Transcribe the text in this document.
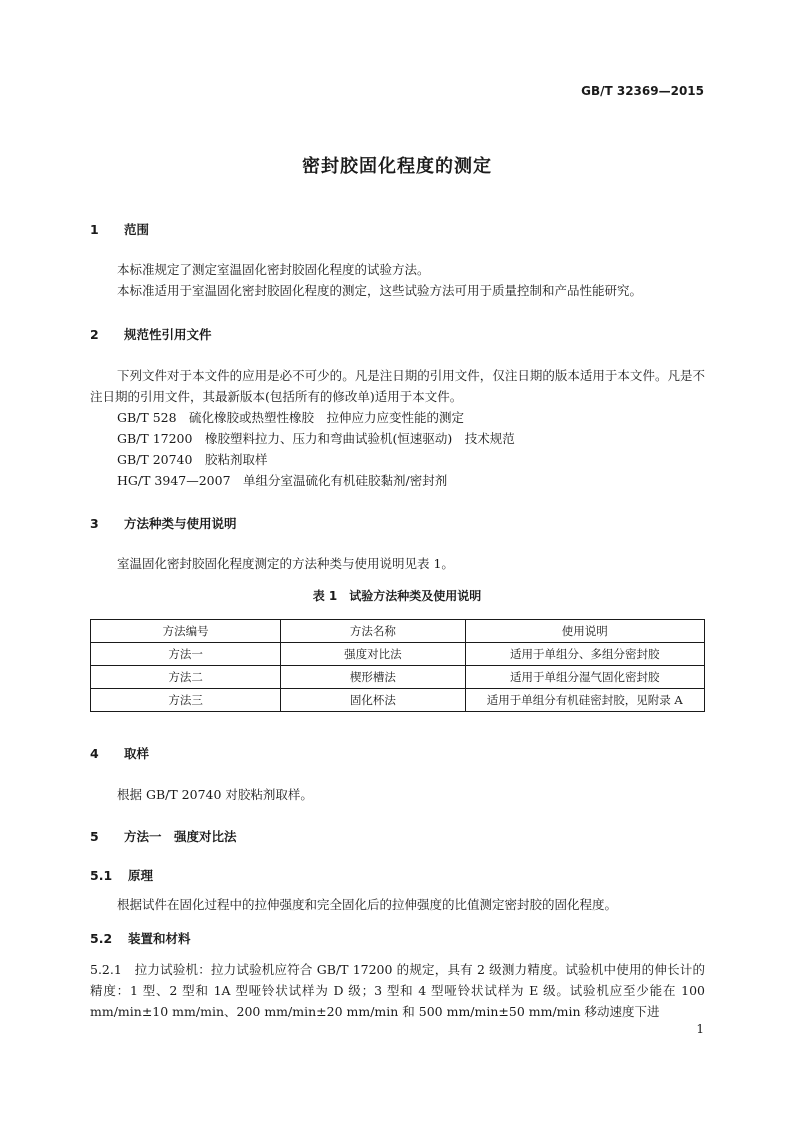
GB/T 32369—2015
密封胶固化程度的测定
1 范围
本标准规定了测定室温固化密封胶固化程度的试验方法。
本标准适用于室温固化密封胶固化程度的测定，这些试验方法可用于质量控制和产品性能研究。
2 规范性引用文件
下列文件对于本文件的应用是必不可少的。凡是注日期的引用文件，仅注日期的版本适用于本文件。凡是不注日期的引用文件，其最新版本(包括所有的修改单)适用于本文件。
GB/T 528　硫化橡胶或热塑性橡胶　拉伸应力应变性能的测定
GB/T 17200　橡胶塑料拉力、压力和弯曲试验机(恒速驱动)　技术规范
GB/T 20740　胶粘剂取样
HG/T 3947—2007　单组分室温硫化有机硅胶黏剂/密封剂
3 方法种类与使用说明
室温固化密封胶固化程度测定的方法种类与使用说明见表 1。
表 1　试验方法种类及使用说明
方法编号	方法名称	使用说明
方法一	强度对比法	适用于单组分、多组分密封胶
方法二	楔形槽法	适用于单组分湿气固化密封胶
方法三	固化杯法	适用于单组分有机硅密封胶，见附录 A
4 取样
根据 GB/T 20740 对胶粘剂取样。
5 方法一　强度对比法
5.1 原理
根据试件在固化过程中的拉伸强度和完全固化后的拉伸强度的比值测定密封胶的固化程度。
5.2 装置和材料
5.2.1　拉力试验机：拉力试验机应符合 GB/T 17200 的规定，具有 2 级测力精度。试验机中使用的伸长计的精度：1 型、2 型和 1A 型哑铃状试样为 D 级；3 型和 4 型哑铃状试样为 E 级。试验机应至少能在 100 mm/min±10 mm/min、200 mm/min±20 mm/min 和 500 mm/min±50 mm/min 移动速度下进
1
